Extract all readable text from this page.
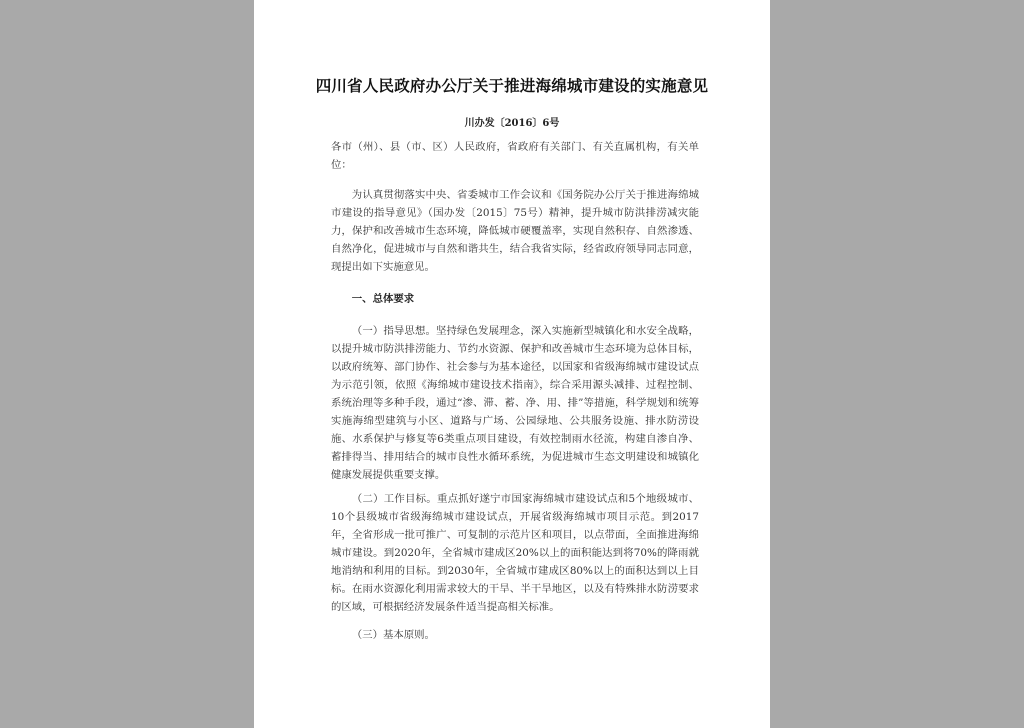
四川省人民政府办公厅关于推进海绵城市建设的实施意见
川办发〔2016〕6号
各市（州）、县（市、区）人民政府，省政府有关部门、有关直属机构，有关单位：
为认真贯彻落实中央、省委城市工作会议和《国务院办公厅关于推进海绵城市建设的指导意见》（国办发〔2015〕75号）精神，提升城市防洪排涝减灾能力，保护和改善城市生态环境，降低城市硬覆盖率，实现自然积存、自然渗透、自然净化，促进城市与自然和谐共生，结合我省实际，经省政府领导同志同意，现提出如下实施意见。
一、总体要求
（一）指导思想。坚持绿色发展理念，深入实施新型城镇化和水安全战略，以提升城市防洪排涝能力、节约水资源、保护和改善城市生态环境为总体目标，以政府统筹、部门协作、社会参与为基本途径，以国家和省级海绵城市建设试点为示范引领，依照《海绵城市建设技术指南》，综合采用源头减排、过程控制、系统治理等多种手段，通过“渗、滞、蓄、净、用、排”等措施，科学规划和统筹实施海绵型建筑与小区、道路与广场、公园绿地、公共服务设施、排水防涝设施、水系保护与修复等6类重点项目建设，有效控制雨水径流，构建自渗自净、蓄排得当、排用结合的城市良性水循环系统，为促进城市生态文明建设和城镇化健康发展提供重要支撑。
（二）工作目标。重点抓好遂宁市国家海绵城市建设试点和5个地级城市、10个县级城市省级海绵城市建设试点，开展省级海绵城市项目示范。到2017年，全省形成一批可推广、可复制的示范片区和项目，以点带面，全面推进海绵城市建设。到2020年，全省城市建成区20%以上的面积能达到将70%的降雨就地消纳和利用的目标。到2030年，全省城市建成区80%以上的面积达到以上目标。在雨水资源化利用需求较大的干旱、半干旱地区，以及有特殊排水防涝要求的区域，可根据经济发展条件适当提高相关标准。
（三）基本原则。
